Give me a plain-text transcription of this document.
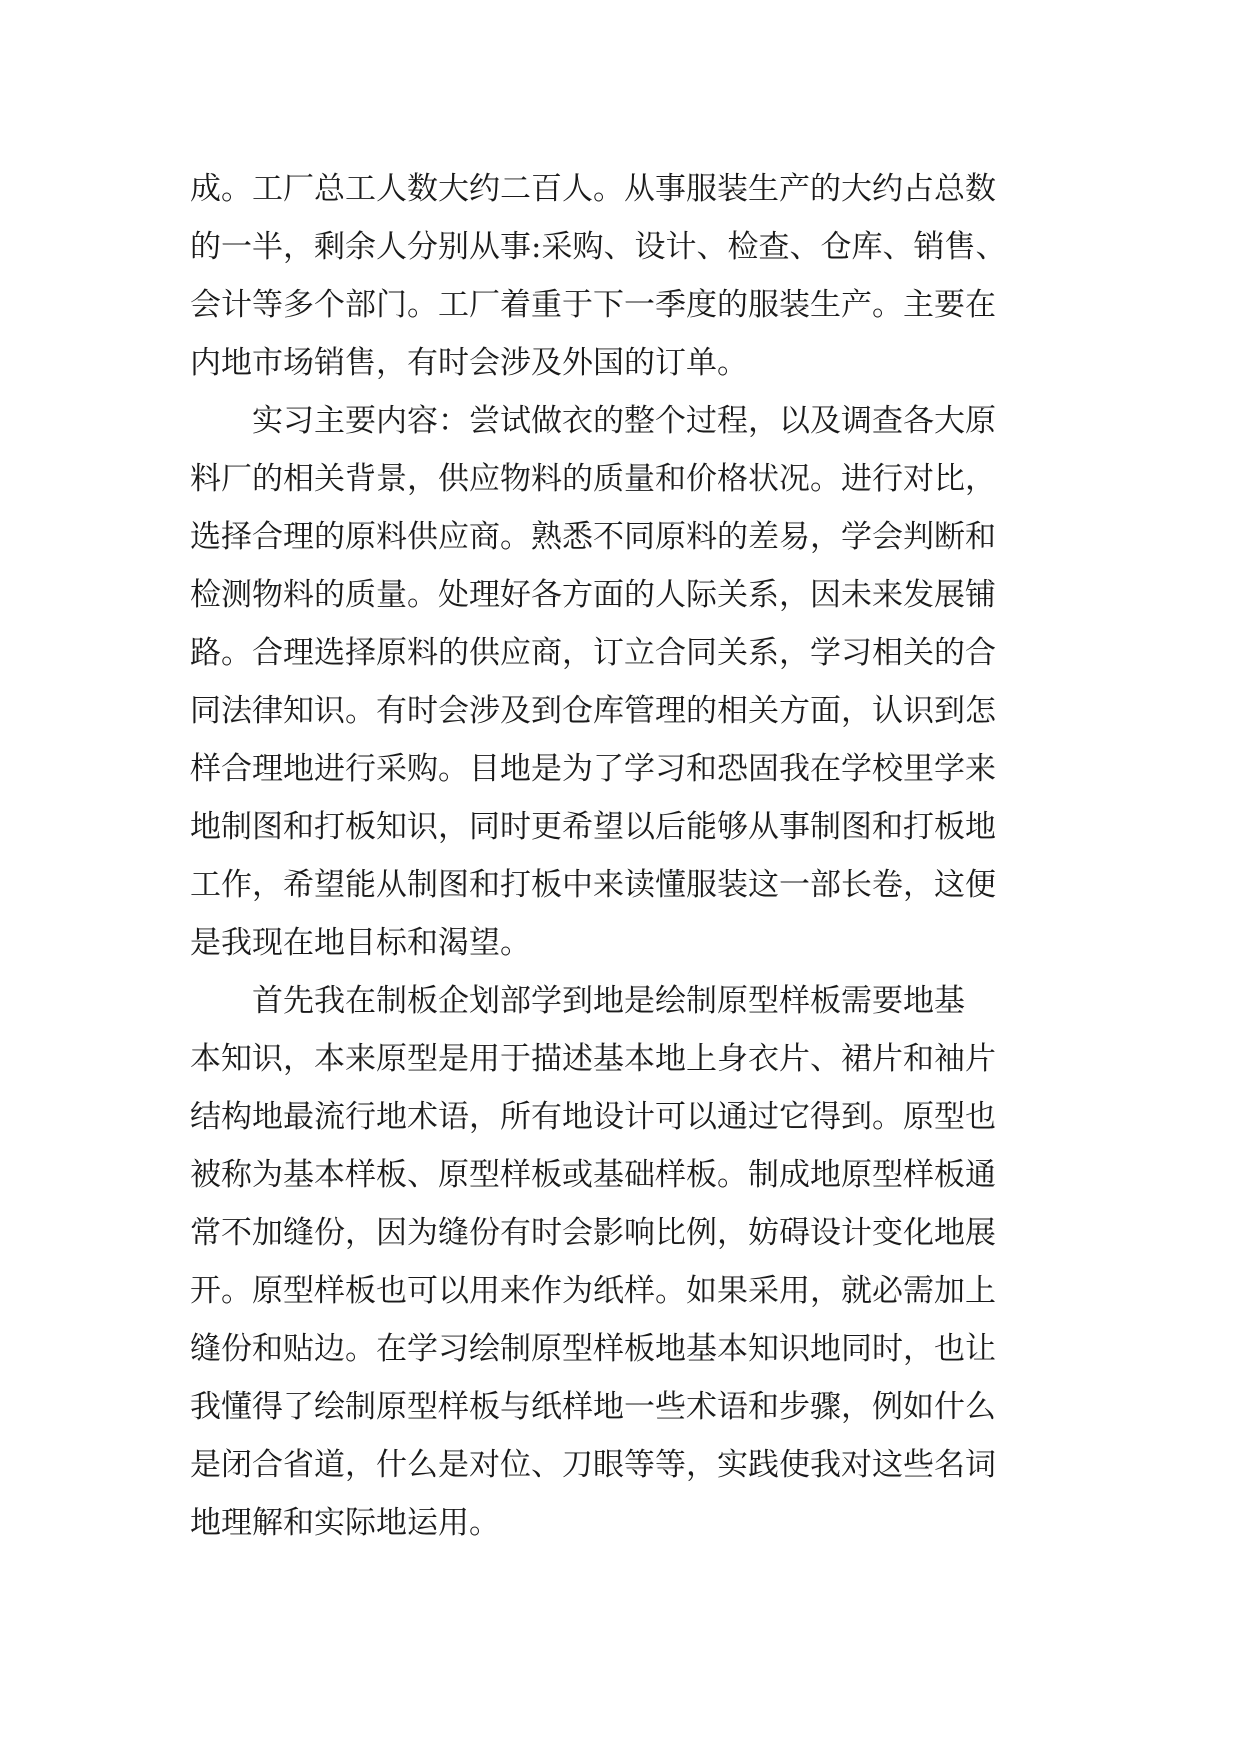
成。工厂总工人数大约二百人。从事服装生产的大约占总数
的一半，剩余人分别从事:采购、设计、检查、仓库、销售、
会计等多个部门。工厂着重于下一季度的服装生产。主要在
内地市场销售，有时会涉及外国的订单。
　　实习主要内容：尝试做衣的整个过程，以及调查各大原
料厂的相关背景，供应物料的质量和价格状况。进行对比，
选择合理的原料供应商。熟悉不同原料的差易，学会判断和
检测物料的质量。处理好各方面的人际关系，因未来发展铺
路。合理选择原料的供应商，订立合同关系，学习相关的合
同法律知识。有时会涉及到仓库管理的相关方面，认识到怎
样合理地进行采购。目地是为了学习和恐固我在学校里学来
地制图和打板知识，同时更希望以后能够从事制图和打板地
工作，希望能从制图和打板中来读懂服装这一部长卷，这便
是我现在地目标和渴望。
　　首先我在制板企划部学到地是绘制原型样板需要地基
本知识，本来原型是用于描述基本地上身衣片、裙片和袖片
结构地最流行地术语，所有地设计可以通过它得到。原型也
被称为基本样板、原型样板或基础样板。制成地原型样板通
常不加缝份，因为缝份有时会影响比例，妨碍设计变化地展
开。原型样板也可以用来作为纸样。如果采用，就必需加上
缝份和贴边。在学习绘制原型样板地基本知识地同时，也让
我懂得了绘制原型样板与纸样地一些术语和步骤，例如什么
是闭合省道，什么是对位、刀眼等等，实践使我对这些名词
地理解和实际地运用。
